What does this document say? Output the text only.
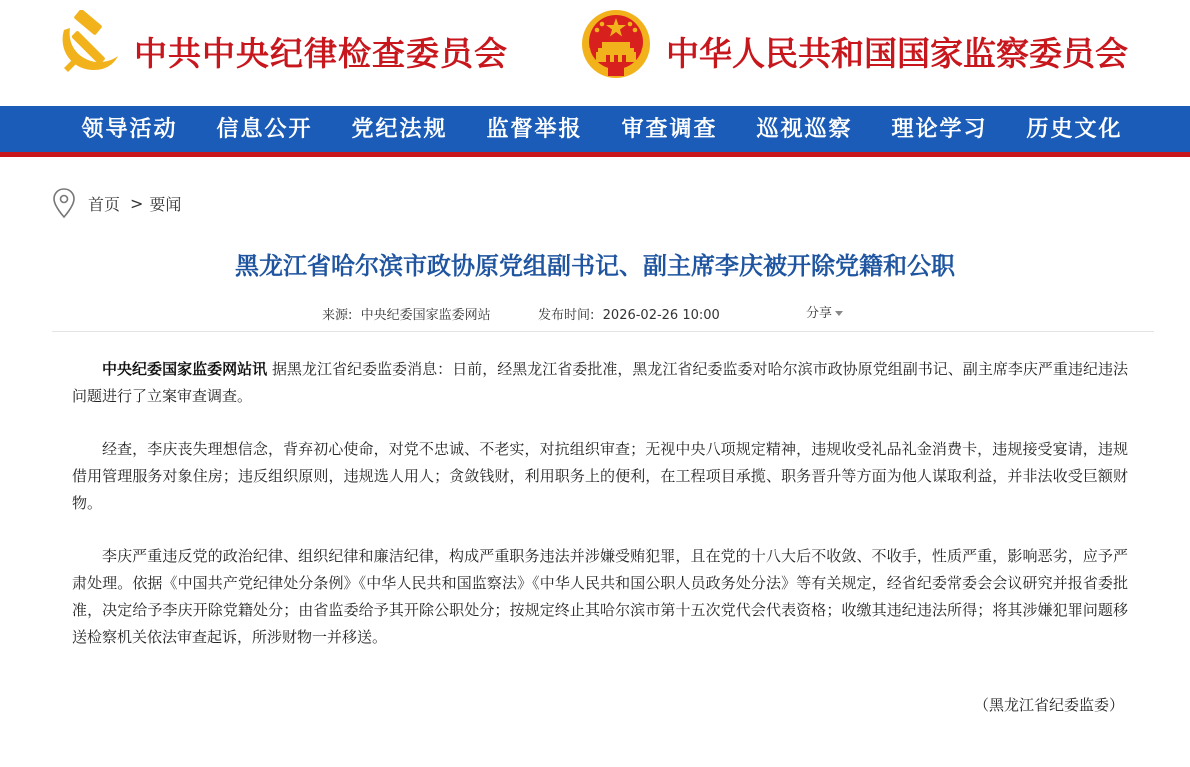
中共中央纪律检查委员会	中华人民共和国国家监察委员会
领导活动	信息公开	党纪法规	监督举报	审查调查	巡视巡察	理论学习	历史文化
首页 > 要闻
黑龙江省哈尔滨市政协原党组副书记、副主席李庆被开除党籍和公职
来源: 中央纪委国家监委网站	发布时间: 2026-02-26 10:00	分享

中央纪委国家监委网站讯 据黑龙江省纪委监委消息：日前，经黑龙江省委批准，黑龙江省纪委监委对哈尔滨市政协原党组副书记、副主席李庆严重违纪违法问题进行了立案审查调查。

经查，李庆丧失理想信念，背弃初心使命，对党不忠诚、不老实，对抗组织审查；无视中央八项规定精神，违规收受礼品礼金消费卡，违规接受宴请，违规借用管理服务对象住房；违反组织原则，违规选人用人；贪敛钱财，利用职务上的便利，在工程项目承揽、职务晋升等方面为他人谋取利益，并非法收受巨额财物。

李庆严重违反党的政治纪律、组织纪律和廉洁纪律，构成严重职务违法并涉嫌受贿犯罪，且在党的十八大后不收敛、不收手，性质严重，影响恶劣，应予严肃处理。依据《中国共产党纪律处分条例》《中华人民共和国监察法》《中华人民共和国公职人员政务处分法》等有关规定，经省纪委常委会会议研究并报省委批准，决定给予李庆开除党籍处分；由省监委给予其开除公职处分；按规定终止其哈尔滨市第十五次党代会代表资格；收缴其违纪违法所得；将其涉嫌犯罪问题移送检察机关依法审查起诉，所涉财物一并移送。

（黑龙江省纪委监委）
